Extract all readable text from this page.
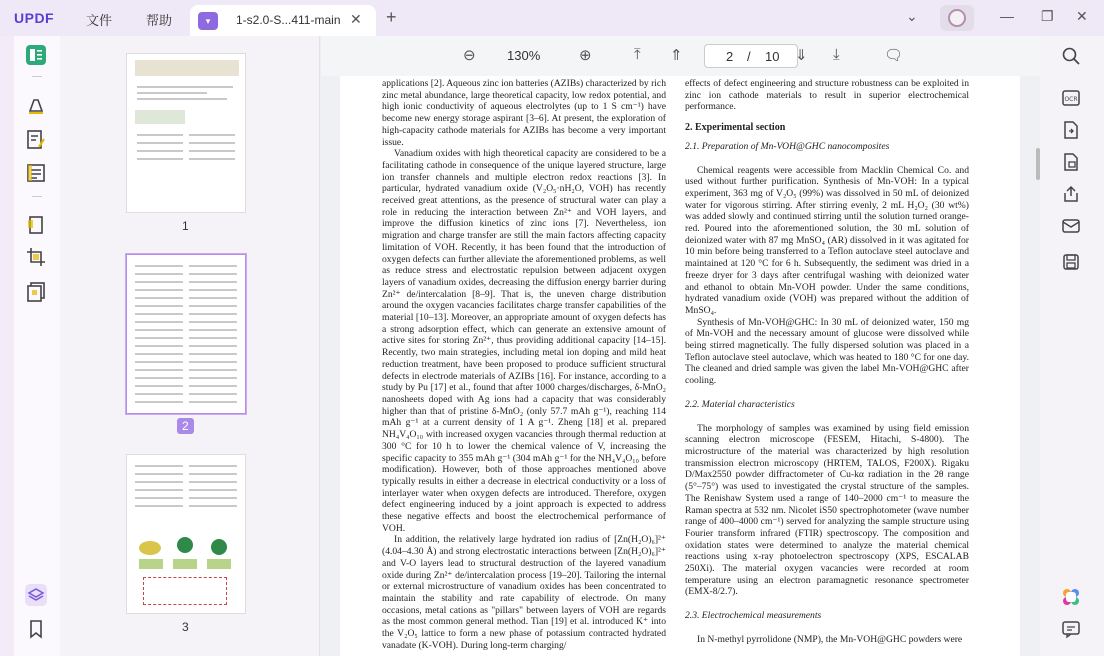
UPDF 文件	帮助	▾	1-s2.0-S...411-main ✕ +	⌄	— ❐ ✕
1
2
3
⊖ 130%	⊕	⤒ ⇑	2 / 10 ⇓ ⤓	🗨

applications [2]. Aqueous zinc ion batteries (AZIBs) characterized by rich zinc metal abundance, large theoretical capacity, low redox potential, and high ionic conductivity of aqueous electrolytes (up to 1 S cm⁻¹) have become new energy storage aspirant [3–6]. At present, the exploration of high-capacity cathode materials for AZIBs has become a very important issue.

Vanadium oxides with high theoretical capacity are considered to be a facilitating cathode in consequence of the unique layered structure, large ion transfer channels and multiple electron redox reactions [3]. In particular, hydrated vanadium oxide (V₂O₅·nH₂O, VOH) has recently received great attentions, as the presence of structural water can play a role in reducing the interaction between Zn²⁺ and VOH layers, and improve the diffusion kinetics of zinc ions [7]. Nevertheless, ion migration and charge transfer are still the main factors affecting capacity limitation of VOH. Recently, it has been found that the introduction of oxygen defects can further alleviate the aforementioned problems, as well as reduce stress and electrostatic repulsion between adjacent oxygen layers of vanadium oxides, decreasing the diffusion energy barrier during Zn²⁺ de/intercalation [8–9]. That is, the uneven charge distribution around the oxygen vacancies facilitates charge transfer capabilities of the material [10–13]. Moreover, an appropriate amount of oxygen defects has a strong adsorption effect, which can generate an extensive amount of active sites for storing Zn²⁺, thus providing additional capacity [14–15]. Recently, two main strategies, including metal ion doping and mild heat reduction treatment, have been proposed to produce sufficient structural defects in electrode materials of AZIBs [16]. For instance, according to a study by Pu [17] et al., found that after 1000 charges/discharges, δ-MnO₂ nanosheets doped with Ag ions had a capacity that was considerably higher than that of pristine δ-MnO₂ (only 57.7 mAh g⁻¹), reaching 114 mAh g⁻¹ at a current density of 1 A g⁻¹. Zheng [18] et al. prepared NH₄V₄O₁₀ with increased oxygen vacancies through thermal reduction at 300 °C for 10 h to lower the chemical valence of V, increasing the specific capacity to 355 mAh g⁻¹ (304 mAh g⁻¹ for the NH₄V₄O₁₀ before modification). However, both of those approaches mentioned above typically results in either a decrease in electrical conductivity or a loss of interlayer water when oxygen defects are introduced. Therefore, oxygen defect engineering induced by a joint approach is expected to address these negative effects and boost the electrochemical performance of VOH.

In addition, the relatively large hydrated ion radius of [Zn(H₂O)₆]²⁺ (4.04–4.30 Å) and strong electrostatic interactions between [Zn(H₂O)₆]²⁺ and V-O layers lead to structural destruction of the layered vanadium oxide during Zn²⁺ de/intercalation process [19–20]. Tailoring the internal or external microstructure of vanadium oxides has been concentrated to maintain the stability and rate capability of electrode. On many occasions, metal cations as "pillars" between layers of VOH are regards as the most common general method. Tian [19] et al. introduced K⁺ into the V₂O₅ lattice to form a new phase of potassium contracted hydrated vanadate (K-VOH). During long-term charging/

effects of defect engineering and structure robustness can be exploited in zinc ion cathode materials to result in superior electrochemical performance.

2. Experimental section
2.1. Preparation of Mn-VOH@GHC nanocomposites

Chemical reagents were accessible from Macklin Chemical Co. and used without further purification. Synthesis of Mn-VOH: In a typical experiment, 363 mg of V₂O₅ (99%) was dissolved in 50 mL of deionized water for vigorous stirring. After stirring evenly, 2 mL H₂O₂ (30 wt%) was added slowly and continued stirring until the solution turned orange-red. Poured into the aforementioned solution, the 30 mL solution of deionized water with 87 mg MnSO₄ (AR) dissolved in it was agitated for 10 min before being transferred to a Teflon autoclave steel autoclave and maintained at 120 °C for 6 h. Subsequently, the sediment was dried in a freeze dryer for 3 days after centrifugal washing with deionized water and ethanol to obtain Mn-VOH powder. Under the same conditions, hydrated vanadium oxide (VOH) was prepared without the addition of MnSO₄.

Synthesis of Mn-VOH@GHC: In 30 mL of deionized water, 150 mg of Mn-VOH and the necessary amount of glucose were dissolved while being stirred magnetically. The fully dispersed solution was placed in a Teflon autoclave steel autoclave, which was heated to 180 °C for one day. The cleaned and dried sample was given the label Mn-VOH@GHC after cooling.

2.2. Material characteristics

The morphology of samples was examined by using field emission scanning electron microscope (FESEM, Hitachi, S-4800). The microstructure of the material was characterized by high resolution transmission electron microscopy (HRTEM, TALOS, F200X). Rigaku D/Max2550 powder diffractometer of Cu-kα radiation in the 2θ range (5°–75°) was used to investigated the crystal structure of the samples. The Renishaw System used a range of 140–2000 cm⁻¹ to measure the Raman spectra at 532 nm. Nicolet iS50 spectrophotometer (wave number range of 400–4000 cm⁻¹) served for analyzing the sample structure using Fourier transform infrared (FTIR) spectroscopy. The composition and oxidation states were determined to analyze the material chemical reactions using x-ray photoelectron spectroscopy (XPS, ESCALAB 250Xi). The material oxygen vacancies were recorded at room temperature using an electron paramagnetic resonance spectrometer (EMX-8/2.7).

2.3. Electrochemical measurements

In N-methyl pyrrolidone (NMP), the Mn-VOH@GHC powders were

OCR
